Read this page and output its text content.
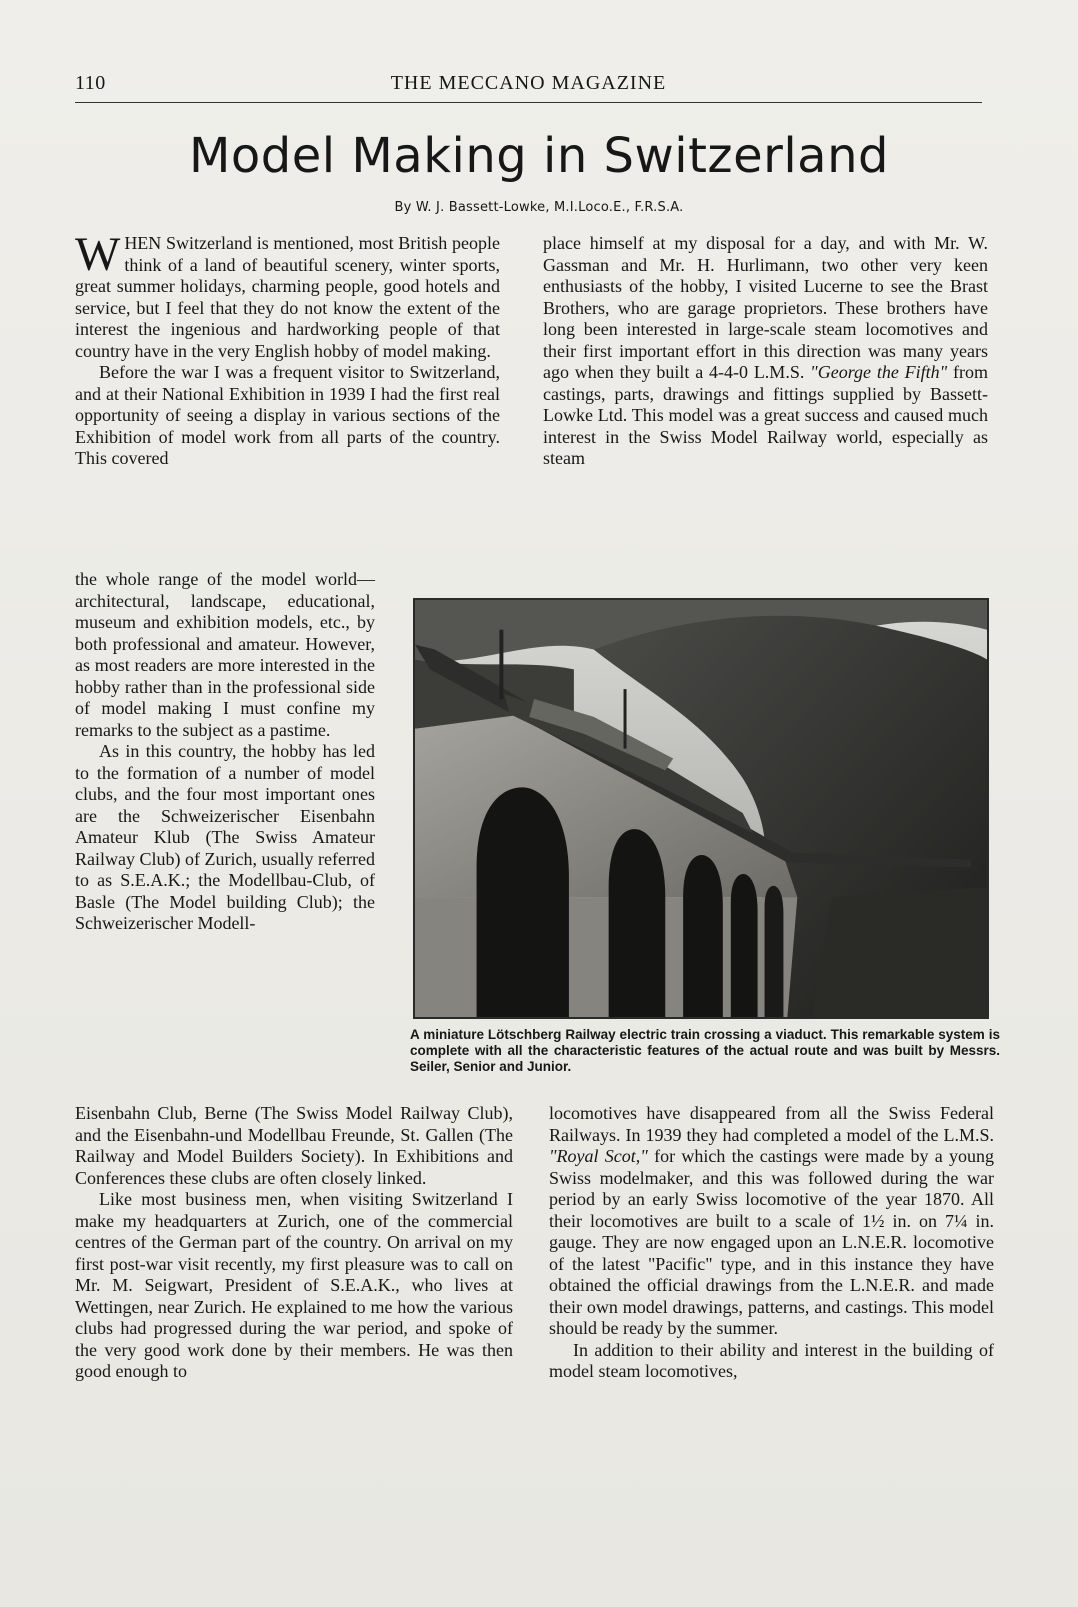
110	THE MECCANO MAGAZINE
Model Making in Switzerland
By W. J. Bassett-Lowke, M.I.Loco.E., F.R.S.A.

WHEN Switzerland is mentioned, most British people think of a land of beautiful scenery, winter sports, great summer holidays, charming people, good hotels and service, but I feel that they do not know the extent of the interest the ingenious and hardworking people of that country have in the very English hobby of model making.

Before the war I was a frequent visitor to Switzerland, and at their National Exhibition in 1939 I had the first real opportunity of seeing a display in various sections of the Exhibition of model work from all parts of the country. This covered

the whole range of the model world—architectural, landscape, educational, museum and exhibition models, etc., by both professional and amateur. However, as most readers are more interested in the hobby rather than in the professional side of model making I must confine my remarks to the subject as a pastime.

As in this country, the hobby has led to the formation of a number of model clubs, and the four most important ones are the Schweizerischer Eisenbahn Amateur Klub (The Swiss Amateur Railway Club) of Zurich, usually referred to as S.E.A.K.; the Modellbau-Club, of Basle (The Model building Club); the Schweizerischer Modell-

Eisenbahn Club, Berne (The Swiss Model Railway Club), and the Eisenbahn-und Modellbau Freunde, St. Gallen (The Railway and Model Builders Society). In Exhibitions and Conferences these clubs are often closely linked.

Like most business men, when visiting Switzerland I make my headquarters at Zurich, one of the commercial centres of the German part of the country. On arrival on my first post-war visit recently, my first pleasure was to call on Mr. M. Seigwart, President of S.E.A.K., who lives at Wettingen, near Zurich. He explained to me how the various clubs had progressed during the war period, and spoke of the very good work done by their members. He was then good enough to

place himself at my disposal for a day, and with Mr. W. Gassman and Mr. H. Hurlimann, two other very keen enthusiasts of the hobby, I visited Lucerne to see the Brast Brothers, who are garage proprietors. These brothers have long been interested in large-scale steam locomotives and their first important effort in this direction was many years ago when they built a 4-4-0 L.M.S. "George the Fifth" from castings, parts, drawings and fittings supplied by Bassett-Lowke Ltd. This model was a great success and caused much interest in the Swiss Model Railway world, especially as steam

A miniature Lötschberg Railway electric train crossing a viaduct. This remarkable system is complete with all the characteristic features of the actual route and was built by Messrs. Seiler, Senior and Junior.

locomotives have disappeared from all the Swiss Federal Railways. In 1939 they had completed a model of the L.M.S. "Royal Scot," for which the castings were made by a young Swiss modelmaker, and this was followed during the war period by an early Swiss locomotive of the year 1870. All their locomotives are built to a scale of 1½ in. on 7¼ in. gauge. They are now engaged upon an L.N.E.R. locomotive of the latest "Pacific" type, and in this instance they have obtained the official drawings from the L.N.E.R. and made their own model drawings, patterns, and castings. This model should be ready by the summer.

In addition to their ability and interest in the building of model steam locomotives,
